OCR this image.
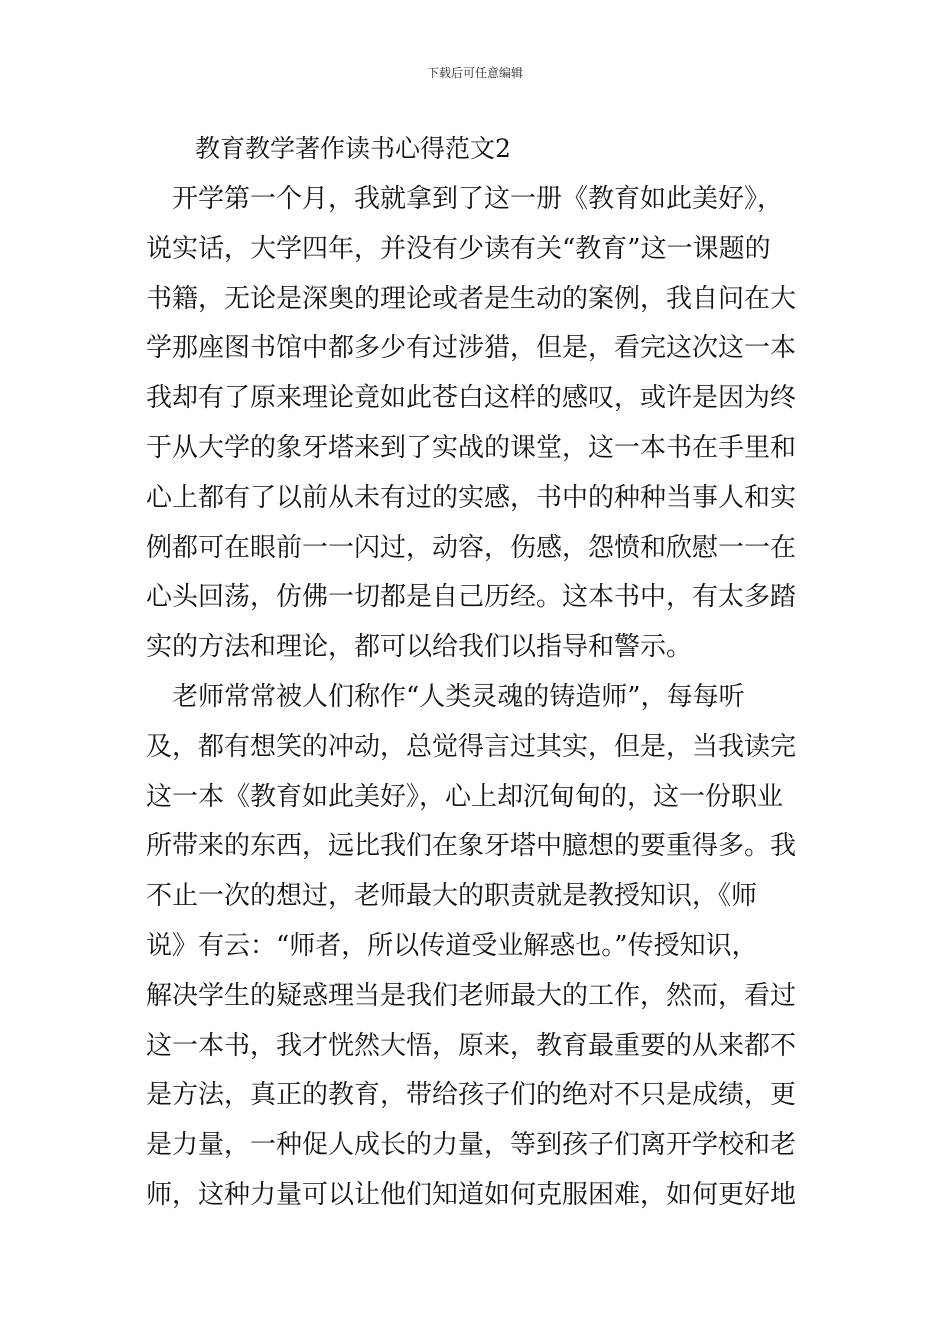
下载后可任意编辑
教育教学著作读书心得范文2
　开学第一个月，我就拿到了这一册《教育如此美好》，
说实话，大学四年，并没有少读有关“教育”这一课题的
书籍，无论是深奥的理论或者是生动的案例，我自问在大
学那座图书馆中都多少有过涉猎，但是，看完这次这一本
我却有了原来理论竟如此苍白这样的感叹，或许是因为终
于从大学的象牙塔来到了实战的课堂，这一本书在手里和
心上都有了以前从未有过的实感，书中的种种当事人和实
例都可在眼前一一闪过，动容，伤感，怨愤和欣慰一一在
心头回荡，仿佛一切都是自己历经。这本书中，有太多踏
实的方法和理论，都可以给我们以指导和警示。
　老师常常被人们称作“人类灵魂的铸造师”，每每听
及，都有想笑的冲动，总觉得言过其实，但是，当我读完
这一本《教育如此美好》，心上却沉甸甸的，这一份职业
所带来的东西，远比我们在象牙塔中臆想的要重得多。我
不止一次的想过，老师最大的职责就是教授知识，《师
说》有云：“师者，所以传道受业解惑也。”传授知识，
解决学生的疑惑理当是我们老师最大的工作，然而，看过
这一本书，我才恍然大悟，原来，教育最重要的从来都不
是方法，真正的教育，带给孩子们的绝对不只是成绩，更
是力量，一种促人成长的力量，等到孩子们离开学校和老
师，这种力量可以让他们知道如何克服困难，如何更好地
